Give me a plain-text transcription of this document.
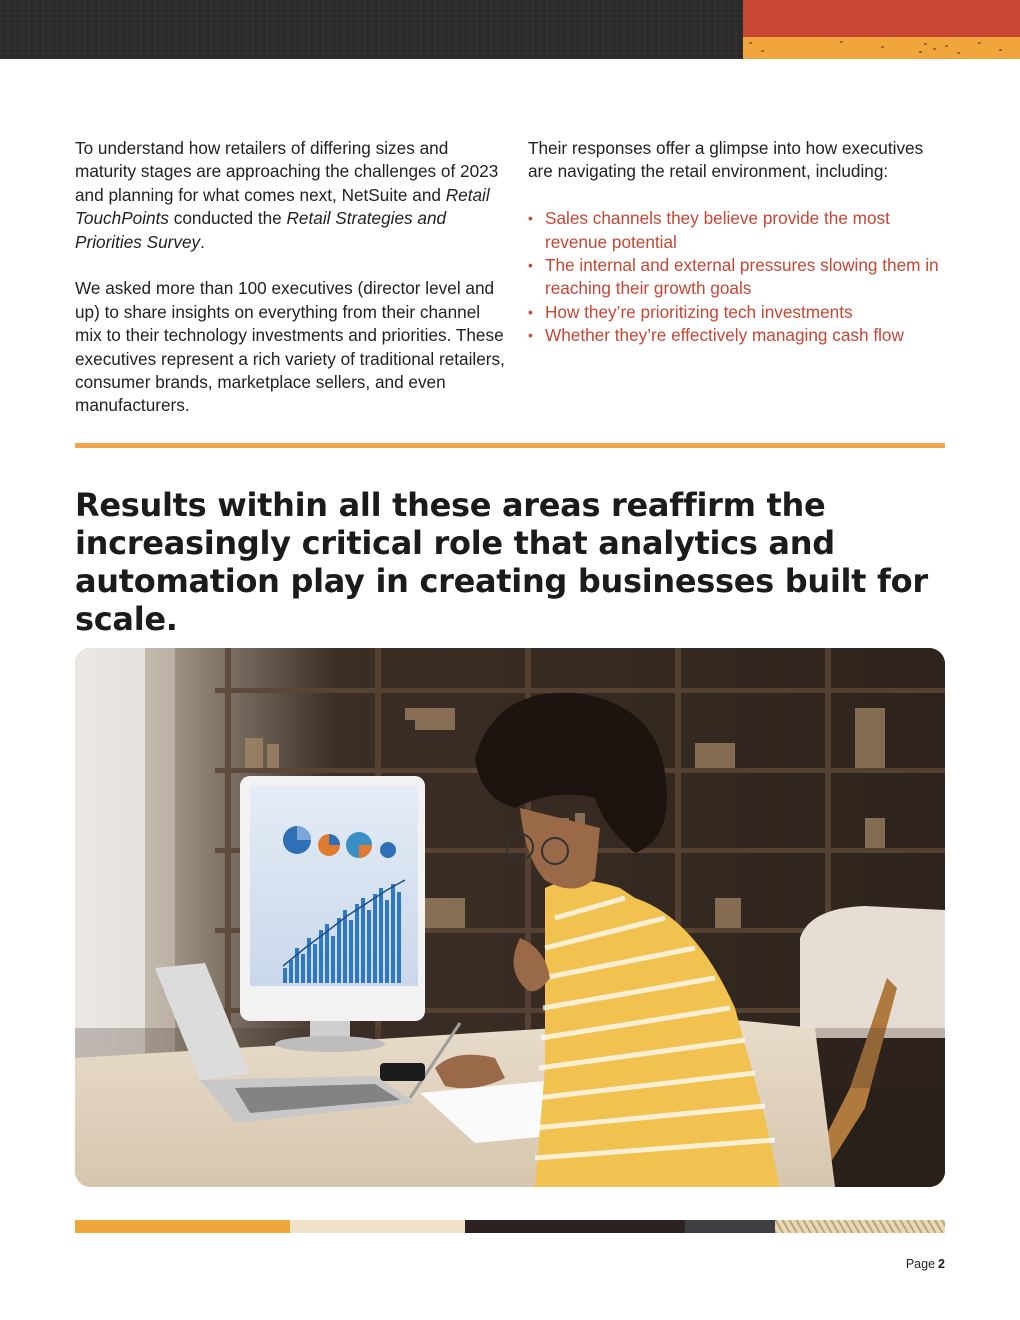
To understand how retailers of differing sizes and maturity stages are approaching the challenges of 2023 and planning for what comes next, NetSuite and Retail TouchPoints conducted the Retail Strategies and Priorities Survey.

We asked more than 100 executives (director level and up) to share insights on everything from their channel mix to their technology investments and priorities. These executives represent a rich variety of traditional retailers, consumer brands, marketplace sellers, and even manufacturers.

Their responses offer a glimpse into how executives are navigating the retail environment, including:

• Sales channels they believe provide the most revenue potential
• The internal and external pressures slowing them in reaching their growth goals
• How they’re prioritizing tech investments
• Whether they’re effectively managing cash flow
Results within all these areas reaffirm the increasingly critical role that analytics and automation play in creating businesses built for scale.
Page 2
